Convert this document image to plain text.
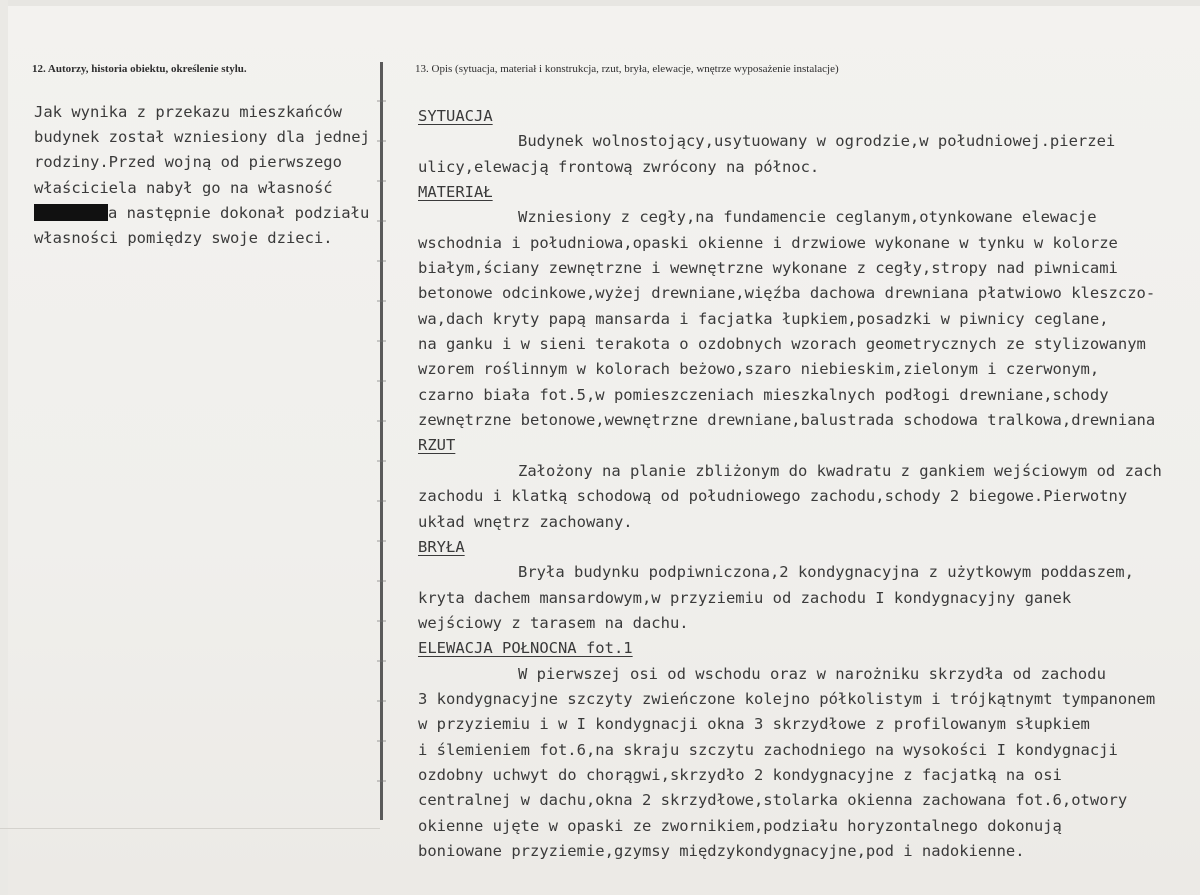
12. Autorzy, historia obiektu, określenie stylu.	13. Opis (sytuacja, materiał i konstrukcja, rzut, bryła, elewacje, wnętrze wyposażenie instalacje)
Jak wynika z przekazu mieszkańców
budynek został wzniesiony dla jednej
rodziny.Przed wojną od pierwszego
właściciela nabył go na własność
a następnie dokonał podziału
własności pomiędzy swoje dzieci.
SYTUACJA
Budynek wolnostojący,usytuowany w ogrodzie,w południowej.pierzei
ulicy,elewacją frontową zwrócony na północ.
MATERIAŁ
Wzniesiony z cegły,na fundamencie ceglanym,otynkowane elewacje
wschodnia i południowa,opaski okienne i drzwiowe wykonane w tynku w kolorze
białym,ściany zewnętrzne i wewnętrzne wykonane z cegły,stropy nad piwnicami
betonowe odcinkowe,wyżej drewniane,więźba dachowa drewniana płatwiowo kleszczo-
wa,dach kryty papą mansarda i facjatka łupkiem,posadzki w piwnicy ceglane,
na ganku i w sieni terakota o ozdobnych wzorach geometrycznych ze stylizowanym
wzorem roślinnym w kolorach beżowo,szaro niebieskim,zielonym i czerwonym,
czarno biała fot.5,w pomieszczeniach mieszkalnych podłogi drewniane,schody
zewnętrzne betonowe,wewnętrzne drewniane,balustrada schodowa tralkowa,drewniana
RZUT
Założony na planie zbliżonym do kwadratu z gankiem wejściowym od zach
zachodu i klatką schodową od południowego zachodu,schody 2 biegowe.Pierwotny
układ wnętrz zachowany.
BRYŁA
Bryła budynku podpiwniczona,2 kondygnacyjna z użytkowym poddaszem,
kryta dachem mansardowym,w przyziemiu od zachodu I kondygnacyjny ganek
wejściowy z tarasem na dachu.
ELEWACJA POŁNOCNA fot.1
W pierwszej osi od wschodu oraz w narożniku skrzydła od zachodu
3 kondygnacyjne szczyty zwieńczone kolejno półkolistym i trójkątnymt tympanonem
w przyziemiu i w I kondygnacji okna 3 skrzydłowe z profilowanym słupkiem
i ślemieniem fot.6,na skraju szczytu zachodniego na wysokości I kondygnacji
ozdobny uchwyt do chorągwi,skrzydło 2 kondygnacyjne z facjatką na osi
centralnej w dachu,okna 2 skrzydłowe,stolarka okienna zachowana fot.6,otwory
okienne ujęte w opaski ze zwornikiem,podziału horyzontalnego dokonują
boniowane przyziemie,gzymsy międzykondygnacyjne,pod i nadokienne.
